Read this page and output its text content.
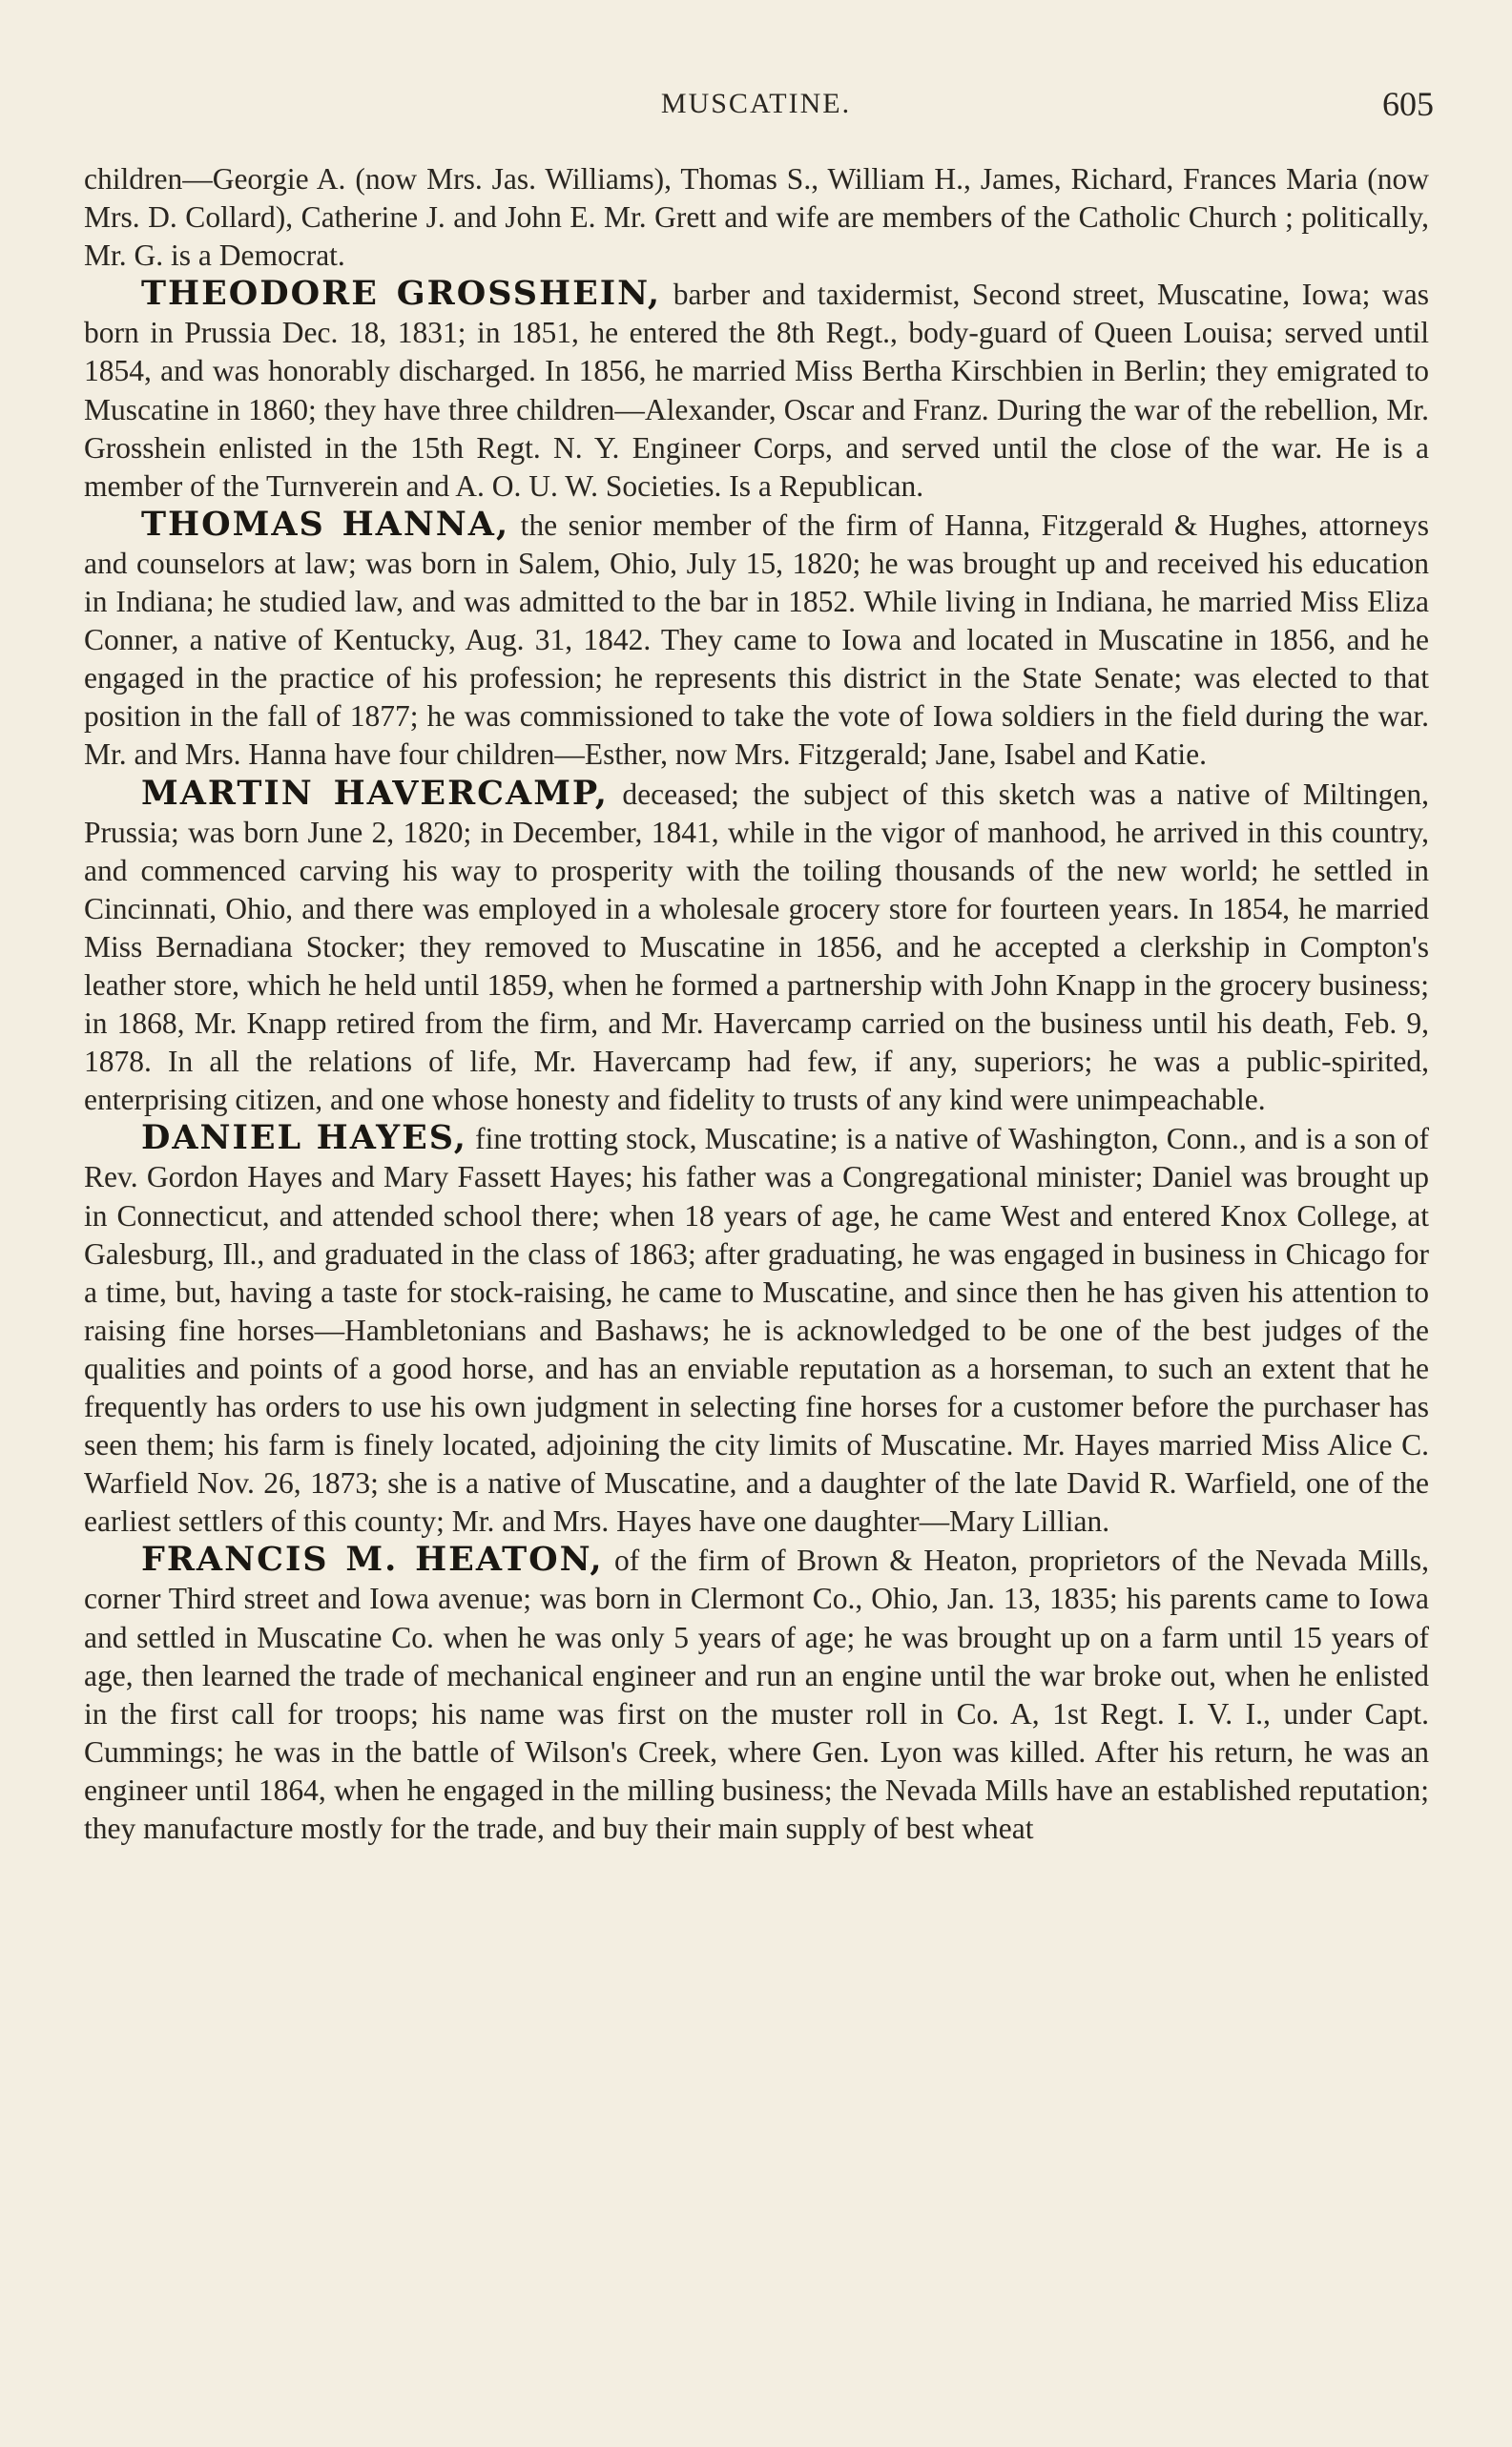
MUSCATINE.	605

children—Georgie A. (now Mrs. Jas. Williams), Thomas S., William H., James, Richard, Frances Maria (now Mrs. D. Collard), Catherine J. and John E. Mr. Grett and wife are members of the Catholic Church ; politically, Mr. G. is a Democrat.

THEODORE GROSSHEIN, barber and taxidermist, Second street, Muscatine, Iowa; was born in Prussia Dec. 18, 1831; in 1851, he entered the 8th Regt., body-guard of Queen Louisa; served until 1854, and was honorably discharged. In 1856, he married Miss Bertha Kirschbien in Berlin; they emigrated to Muscatine in 1860; they have three children—Alexander, Oscar and Franz. During the war of the rebellion, Mr. Grosshein enlisted in the 15th Regt. N. Y. Engineer Corps, and served until the close of the war. He is a member of the Turnverein and A. O. U. W. Societies. Is a Republican.

THOMAS HANNA, the senior member of the firm of Hanna, Fitzgerald & Hughes, attorneys and counselors at law; was born in Salem, Ohio, July 15, 1820; he was brought up and received his education in Indiana; he studied law, and was admitted to the bar in 1852. While living in Indiana, he married Miss Eliza Conner, a native of Kentucky, Aug. 31, 1842. They came to Iowa and located in Muscatine in 1856, and he engaged in the practice of his profession; he represents this district in the State Senate; was elected to that position in the fall of 1877; he was commissioned to take the vote of Iowa soldiers in the field during the war. Mr. and Mrs. Hanna have four children—Esther, now Mrs. Fitzgerald; Jane, Isabel and Katie.

MARTIN HAVERCAMP, deceased; the subject of this sketch was a native of Miltingen, Prussia; was born June 2, 1820; in December, 1841, while in the vigor of manhood, he arrived in this country, and commenced carving his way to prosperity with the toiling thousands of the new world; he settled in Cincinnati, Ohio, and there was employed in a wholesale grocery store for fourteen years. In 1854, he married Miss Bernadiana Stocker; they removed to Muscatine in 1856, and he accepted a clerkship in Compton's leather store, which he held until 1859, when he formed a partnership with John Knapp in the grocery business; in 1868, Mr. Knapp retired from the firm, and Mr. Havercamp carried on the business until his death, Feb. 9, 1878. In all the relations of life, Mr. Havercamp had few, if any, superiors; he was a public-spirited, enterprising citizen, and one whose honesty and fidelity to trusts of any kind were unimpeachable.

DANIEL HAYES, fine trotting stock, Muscatine; is a native of Washington, Conn., and is a son of Rev. Gordon Hayes and Mary Fassett Hayes; his father was a Congregational minister; Daniel was brought up in Connecticut, and attended school there; when 18 years of age, he came West and entered Knox College, at Galesburg, Ill., and graduated in the class of 1863; after graduating, he was engaged in business in Chicago for a time, but, having a taste for stock-raising, he came to Muscatine, and since then he has given his attention to raising fine horses—Hambletonians and Bashaws; he is acknowledged to be one of the best judges of the qualities and points of a good horse, and has an enviable reputation as a horseman, to such an extent that he frequently has orders to use his own judgment in selecting fine horses for a customer before the purchaser has seen them; his farm is finely located, adjoining the city limits of Muscatine. Mr. Hayes married Miss Alice C. Warfield Nov. 26, 1873; she is a native of Muscatine, and a daughter of the late David R. Warfield, one of the earliest settlers of this county; Mr. and Mrs. Hayes have one daughter—Mary Lillian.

FRANCIS M. HEATON, of the firm of Brown & Heaton, proprietors of the Nevada Mills, corner Third street and Iowa avenue; was born in Clermont Co., Ohio, Jan. 13, 1835; his parents came to Iowa and settled in Muscatine Co. when he was only 5 years of age; he was brought up on a farm until 15 years of age, then learned the trade of mechanical engineer and run an engine until the war broke out, when he enlisted in the first call for troops; his name was first on the muster roll in Co. A, 1st Regt. I. V. I., under Capt. Cummings; he was in the battle of Wilson's Creek, where Gen. Lyon was killed. After his return, he was an engineer until 1864, when he engaged in the milling business; the Nevada Mills have an established reputation; they manufacture mostly for the trade, and buy their main supply of best wheat
